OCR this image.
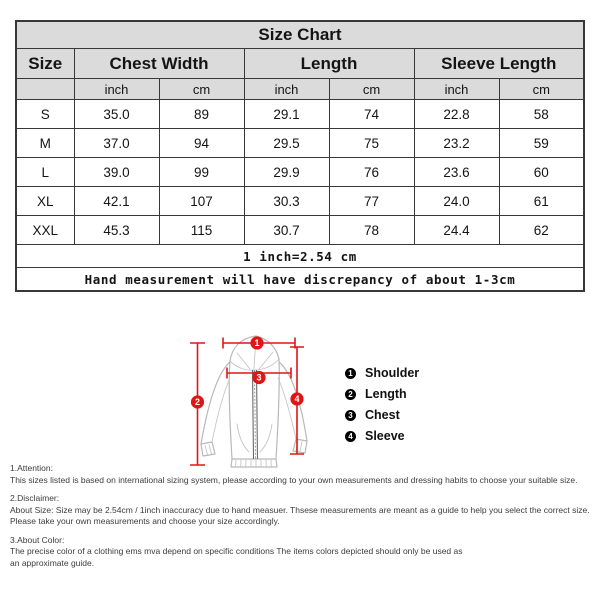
Size Chart						
Size	Chest Width		Length		Sleeve Length	
	inch	cm	inch	cm	inch	cm
S	35.0	89	29.1	74	22.8	58
M	37.0	94	29.5	75	23.2	59
L	39.0	99	29.9	76	23.6	60
XL	42.1	107	30.3	77	24.0	61
XXL	45.3	115	30.7	78	24.4	62
1 inch=2.54 cm						
Hand measurement will have discrepancy of about 1-3cm						
1
2
3
4
1 Shoulder
2 Length
3 Chest
4 Sleeve
1.Attention:
This sizes listed is based on international sizing system, please according to your own measurements and dressing habits to choose your suitable size.
2.Disclaimer:
About Size: Size may be 2.54cm / 1inch inaccuracy due to hand measuer. Thsese measurements are meant as a guide to help you select the correct size.
Please take your own measurements and choose your size accordingly.
3.About Color:
The precise color of a clothing ems mva depend on specific conditions The items colors depicted should only be used as
an approximate guide.
